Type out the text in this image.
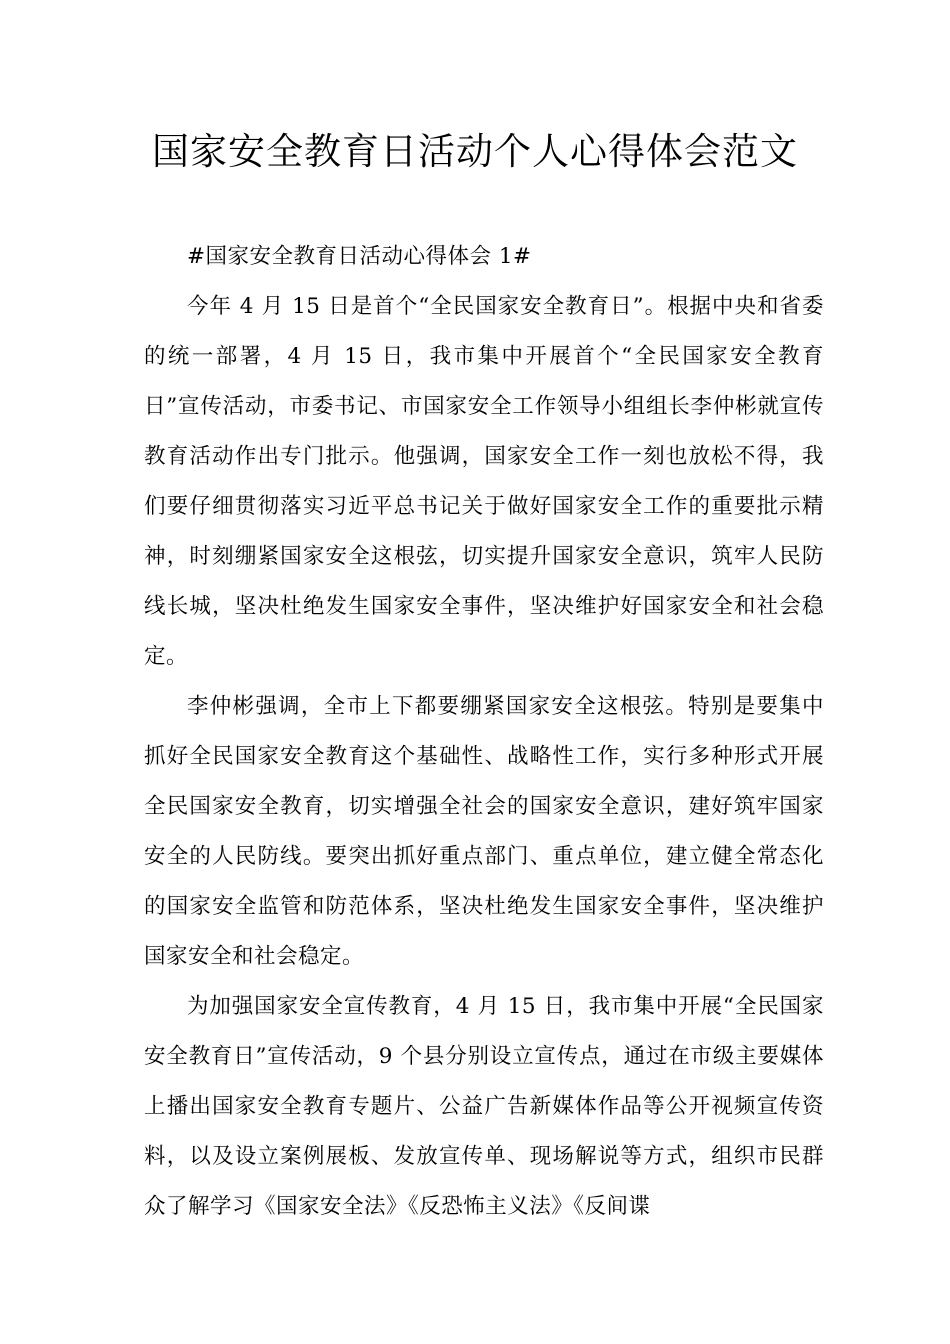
国家安全教育日活动个人心得体会范文

#国家安全教育日活动心得体会 1#

今年 4 月 15 日是首个“全民国家安全教育日”。根据中央和省委的统一部署，4 月 15 日，我市集中开展首个“全民国家安全教育日”宣传活动，市委书记、市国家安全工作领导小组组长李仲彬就宣传教育活动作出专门批示。他强调，国家安全工作一刻也放松不得，我们要仔细贯彻落实习近平总书记关于做好国家安全工作的重要批示精神，时刻绷紧国家安全这根弦，切实提升国家安全意识，筑牢人民防线长城，坚决杜绝发生国家安全事件，坚决维护好国家安全和社会稳定。

李仲彬强调，全市上下都要绷紧国家安全这根弦。特别是要集中抓好全民国家安全教育这个基础性、战略性工作，实行多种形式开展全民国家安全教育，切实增强全社会的国家安全意识，建好筑牢国家安全的人民防线。要突出抓好重点部门、重点单位，建立健全常态化的国家安全监管和防范体系，坚决杜绝发生国家安全事件，坚决维护国家安全和社会稳定。

为加强国家安全宣传教育，4 月 15 日，我市集中开展“全民国家安全教育日”宣传活动，9 个县分别设立宣传点，通过在市级主要媒体上播出国家安全教育专题片、公益广告新媒体作品等公开视频宣传资料，以及设立案例展板、发放宣传单、现场解说等方式，组织市民群众了解学习《国家安全法》《反恐怖主义法》《反间谍
